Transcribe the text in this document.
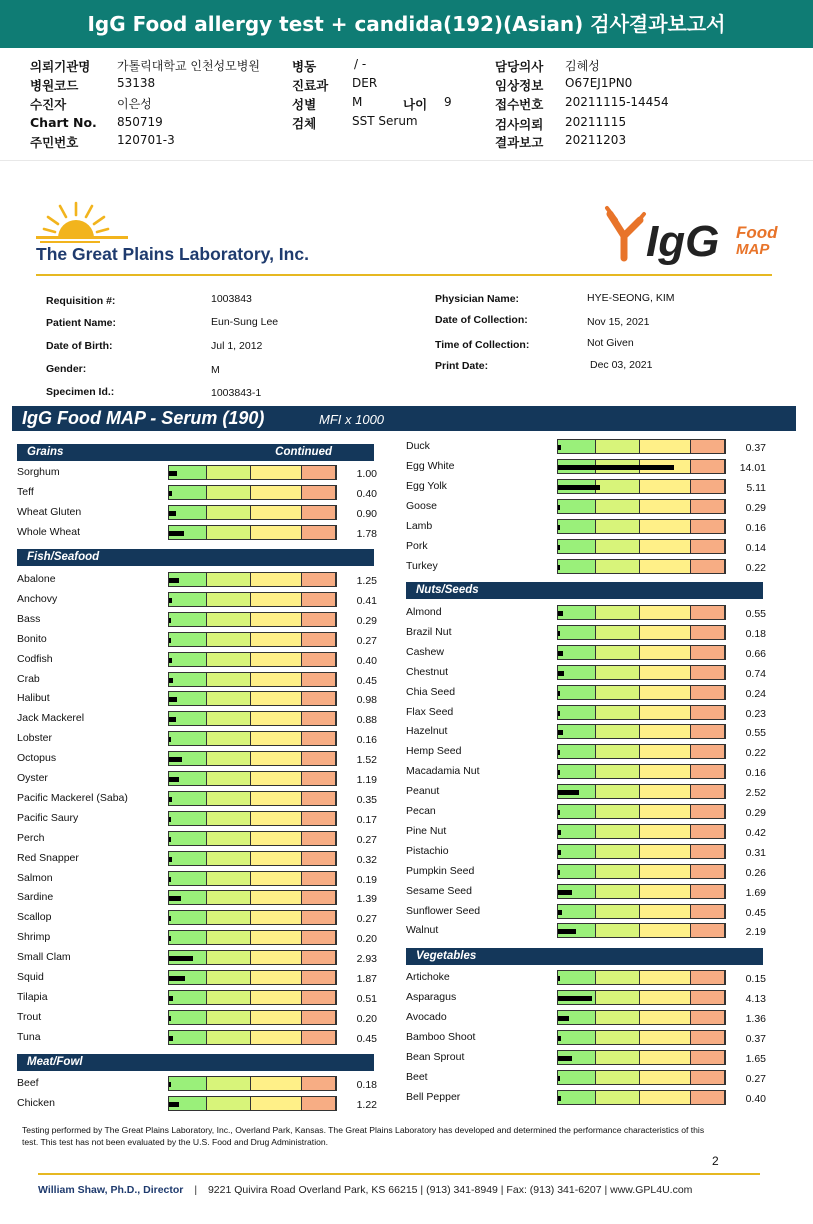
IgG Food allergy test + candida(192)(Asian) 검사결과보고서
의뢰기관명 가톨릭대학교 인천성모병원
병원코드	53138
수진자	이은성
Chart No. 850719
주민번호	120701-3
병동	/ -
진료과 DER
성별	M	나이 9
검체	SST Serum
담당의사 김혜성
임상정보 O67EJ1PN0
접수번호 20211115-14454
검사의뢰 20211115
결과보고 20211203
The Great Plains Laboratory, Inc.	IgG Food
MAP
Requisition #:	1003843
Patient Name:	Eun-Sung Lee
Date of Birth:	Jul 1, 2012
Gender:	M
Specimen Id.:	1003843-1
Physician Name:	HYE-SEONG, KIM
Date of Collection:	Nov 15, 2021
Time of Collection:	Not Given
Print Date:	Dec 03, 2021
IgG Food MAP - Serum (190)	MFI x 1000
Grains	Continued
Fish/Seafood
Meat/Fowl
Nuts/Seeds
Vegetables
Sorghum	1.00
Teff	0.40
Wheat Gluten	0.90
Whole Wheat	1.78
Abalone	1.25
Anchovy	0.41
Bass	0.29
Bonito	0.27
Codfish	0.40
Crab	0.45
Halibut	0.98
Jack Mackerel	0.88
Lobster	0.16
Octopus	1.52
Oyster	1.19
Pacific Mackerel (Saba)	0.35
Pacific Saury	0.17
Perch	0.27
Red Snapper	0.32
Salmon	0.19
Sardine	1.39
Scallop	0.27
Shrimp	0.20
Small Clam	2.93
Squid	1.87
Tilapia	0.51
Trout	0.20
Tuna	0.45
Beef	0.18
Chicken	1.22
Duck	0.37
Egg White	14.01
Egg Yolk	5.11
Goose	0.29
Lamb	0.16
Pork	0.14
Turkey	0.22
Almond	0.55
Brazil Nut	0.18
Cashew	0.66
Chestnut	0.74
Chia Seed	0.24
Flax Seed	0.23
Hazelnut	0.55
Hemp Seed	0.22
Macadamia Nut	0.16
Peanut	2.52
Pecan	0.29
Pine Nut	0.42
Pistachio	0.31
Pumpkin Seed	0.26
Sesame Seed	1.69
Sunflower Seed	0.45
Walnut	2.19
Artichoke	0.15
Asparagus	4.13
Avocado	1.36
Bamboo Shoot	0.37
Bean Sprout	1.65
Beet	0.27
Bell Pepper	0.40
Testing performed by The Great Plains Laboratory, Inc., Overland Park, Kansas. The Great Plains Laboratory has developed and determined the performance characteristics of this test. This test has not been evaluated by the U.S. Food and Drug Administration.
2
William Shaw, Ph.D., Director | 9221 Quivira Road Overland Park, KS 66215 | (913) 341-8949 | Fax: (913) 341-6207 | www.GPL4U.com
